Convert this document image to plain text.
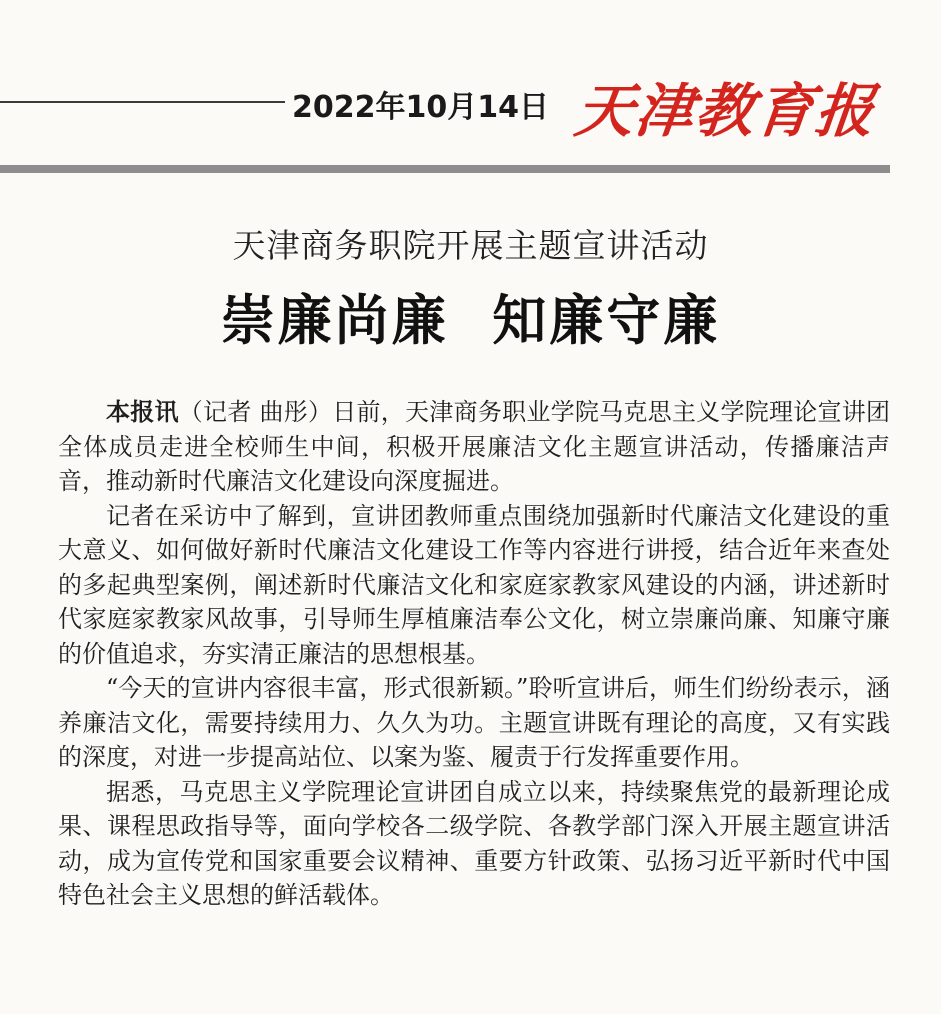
2022年10月14日 天津教育报
天津商务职院开展主题宣讲活动
崇廉尚廉  知廉守廉

本报讯（记者 曲彤）日前，天津商务职业学院马克思主义学院理论宣讲团全体成员走进全校师生中间，积极开展廉洁文化主题宣讲活动，传播廉洁声音，推动新时代廉洁文化建设向深度掘进。

记者在采访中了解到，宣讲团教师重点围绕加强新时代廉洁文化建设的重大意义、如何做好新时代廉洁文化建设工作等内容进行讲授，结合近年来查处的多起典型案例，阐述新时代廉洁文化和家庭家教家风建设的内涵，讲述新时代家庭家教家风故事，引导师生厚植廉洁奉公文化，树立崇廉尚廉、知廉守廉的价值追求，夯实清正廉洁的思想根基。

“今天的宣讲内容很丰富，形式很新颖。”聆听宣讲后，师生们纷纷表示，涵养廉洁文化，需要持续用力、久久为功。主题宣讲既有理论的高度，又有实践的深度，对进一步提高站位、以案为鉴、履责于行发挥重要作用。

据悉，马克思主义学院理论宣讲团自成立以来，持续聚焦党的最新理论成果、课程思政指导等，面向学校各二级学院、各教学部门深入开展主题宣讲活动，成为宣传党和国家重要会议精神、重要方针政策、弘扬习近平新时代中国特色社会主义思想的鲜活载体。
